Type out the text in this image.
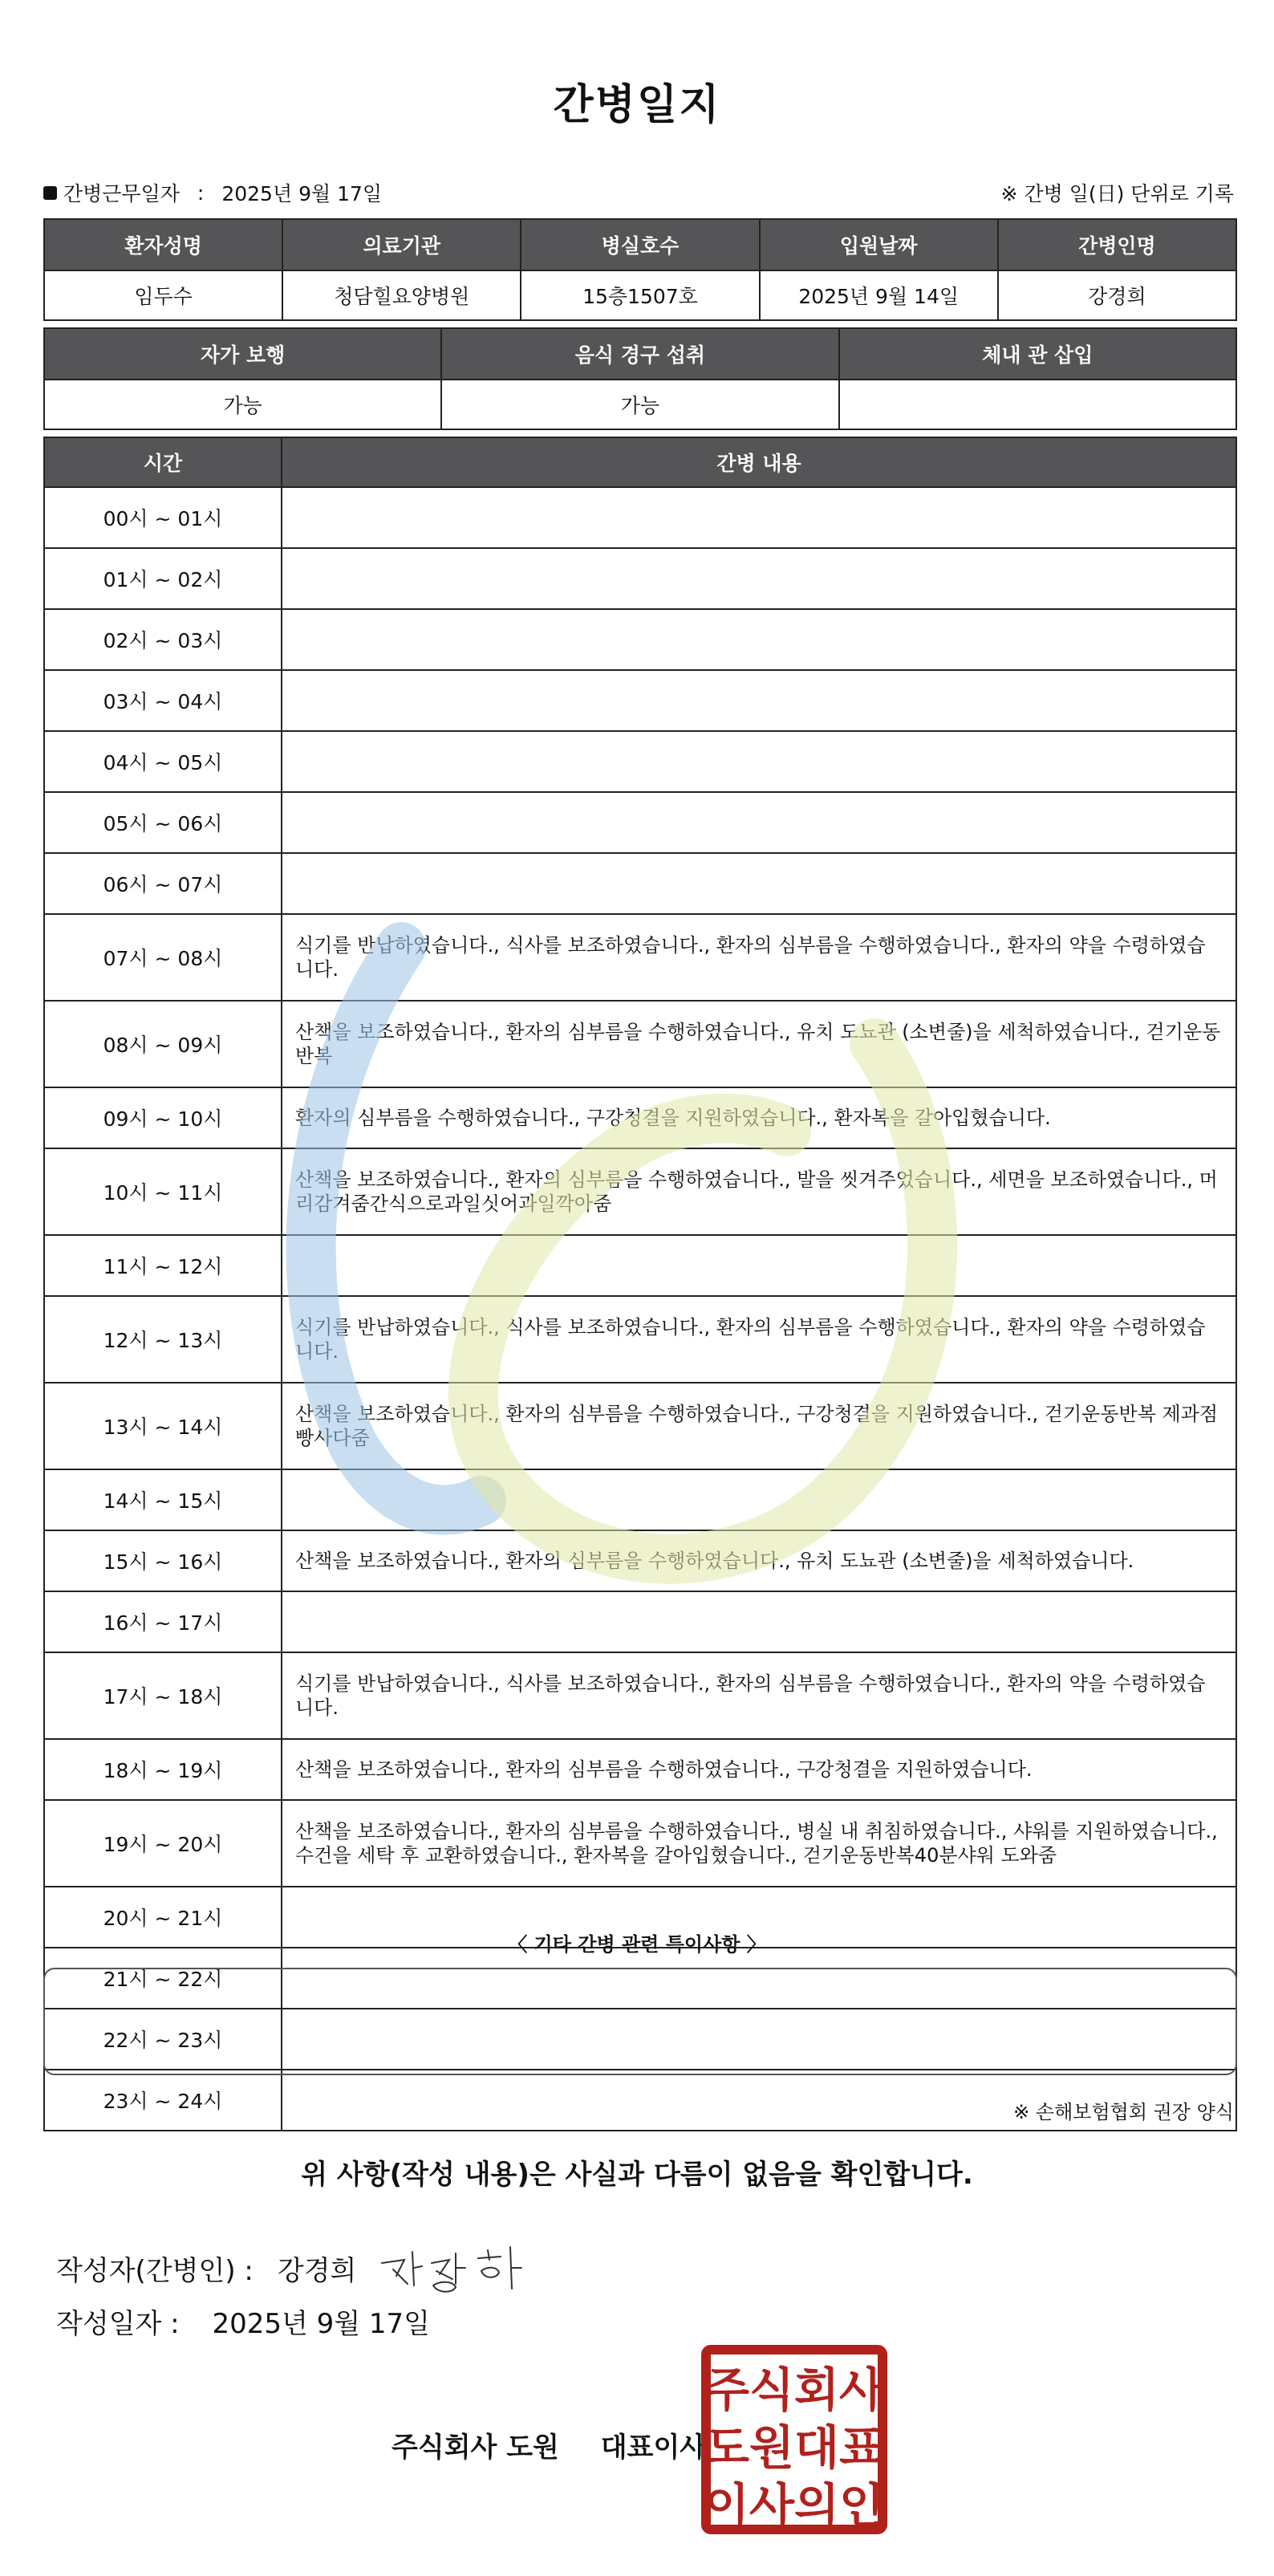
간병일지
간병근무일자 : 2025년 9월 17일	※ 간병 일(日) 단위로 기록
환자성명	의료기관	병실호수	입원날짜	간병인명
임두수	청담힐요양병원	15층1507호	2025년 9월 14일	강경희
자가 보행	음식 경구 섭취	체내 관 삽입
가능	가능	
시간	간병 내용
00시 ~ 01시	
01시 ~ 02시	
02시 ~ 03시	
03시 ~ 04시	
04시 ~ 05시	
05시 ~ 06시	
06시 ~ 07시	
07시 ~ 08시	식기를 반납하였습니다., 식사를 보조하였습니다., 환자의 심부름을 수행하였습니다., 환자의 약을 수령하였습니다.
08시 ~ 09시	산책을 보조하였습니다., 환자의 심부름을 수행하였습니다., 유치 도뇨관 (소변줄)을 세척하였습니다., 걷기운동반복
09시 ~ 10시	환자의 심부름을 수행하였습니다., 구강청결을 지원하였습니다., 환자복을 갈아입혔습니다.
10시 ~ 11시	산책을 보조하였습니다., 환자의 심부름을 수행하였습니다., 발을 씻겨주었습니다., 세면을 보조하였습니다., 머리감겨줌간식으로과일싯어과일깍아줌
11시 ~ 12시	
12시 ~ 13시	식기를 반납하였습니다., 식사를 보조하였습니다., 환자의 심부름을 수행하였습니다., 환자의 약을 수령하였습니다.
13시 ~ 14시	산책을 보조하였습니다., 환자의 심부름을 수행하였습니다., 구강청결을 지원하였습니다., 걷기운동반복 제과점빵사다줌
14시 ~ 15시	
15시 ~ 16시	산책을 보조하였습니다., 환자의 심부름을 수행하였습니다., 유치 도뇨관 (소변줄)을 세척하였습니다.
16시 ~ 17시	
17시 ~ 18시	식기를 반납하였습니다., 식사를 보조하였습니다., 환자의 심부름을 수행하였습니다., 환자의 약을 수령하였습니다.
18시 ~ 19시	산책을 보조하였습니다., 환자의 심부름을 수행하였습니다., 구강청결을 지원하였습니다.
19시 ~ 20시	산책을 보조하였습니다., 환자의 심부름을 수행하였습니다., 병실 내 취침하였습니다., 샤워를 지원하였습니다., 수건을 세탁 후 교환하였습니다., 환자복을 갈아입혔습니다., 걷기운동반복40분샤워 도와줌
20시 ~ 21시	
21시 ~ 22시	
22시 ~ 23시	
23시 ~ 24시	
〈 기타 간병 관련 특이사항 〉
※ 손해보험협회 권장 양식
위 사항(작성 내용)은 사실과 다름이 없음을 확인합니다.
작성자(간병인) : 강경희
작성일자 : 2025년 9월 17일
주식회사 도원 대표이사
주 식 회 사
도 원 대 표
이 사 의 인
